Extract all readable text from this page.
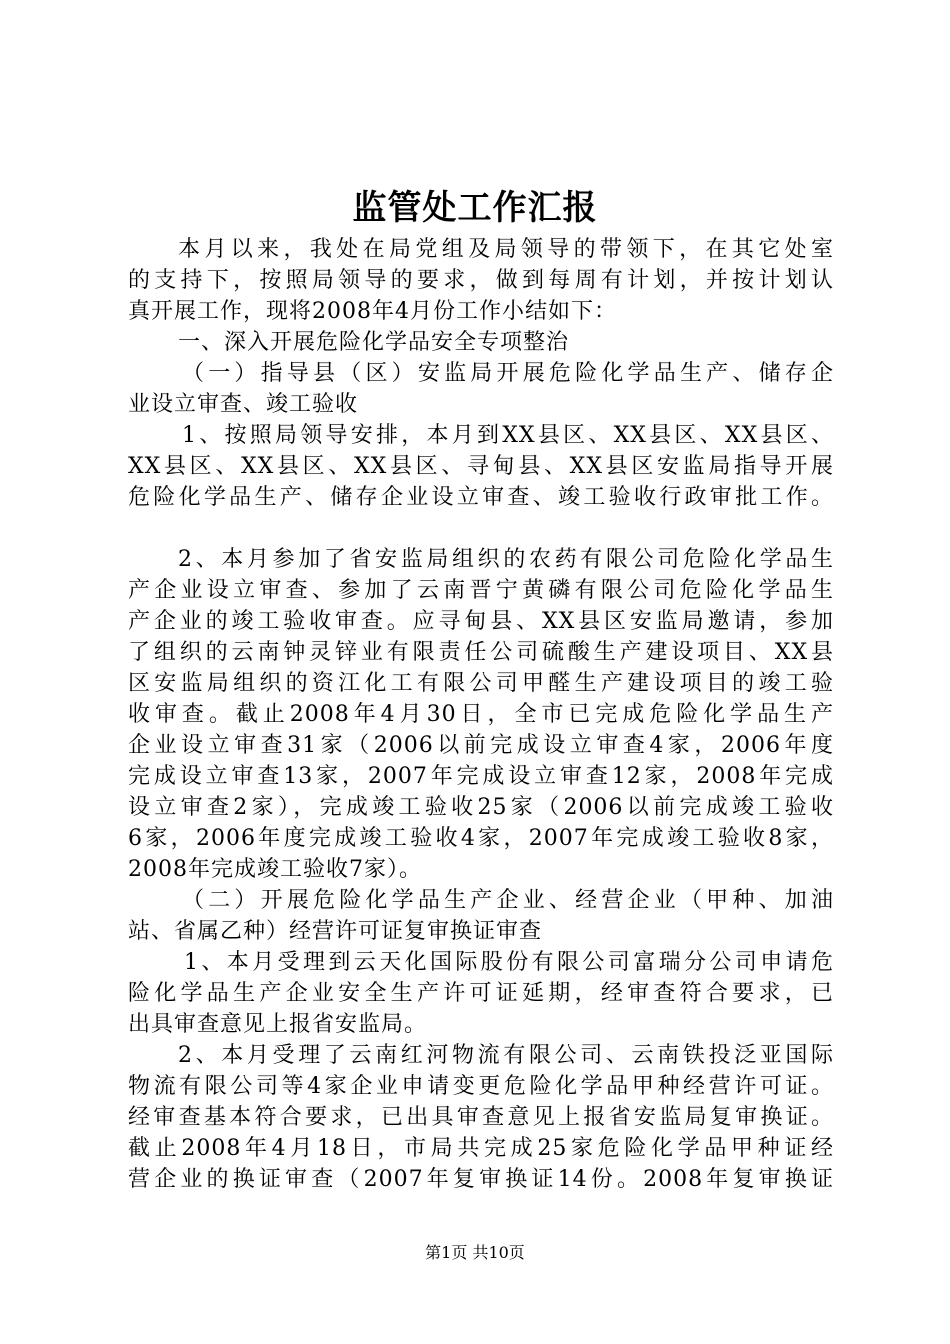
监管处工作汇报
本月以来，我处在局党组及局领导的带领下，在其它处室
的支持下，按照局领导的要求，做到每周有计划，并按计划认
真开展工作，现将2008年4月份工作小结如下：
一、深入开展危险化学品安全专项整治
（一）指导县（区）安监局开展危险化学品生产、储存企
业设立审查、竣工验收
1、按照局领导安排，本月到XX县区、XX县区、XX县区、
XX县区、XX县区、XX县区、寻甸县、XX县区安监局指导开展
危险化学品生产、储存企业设立审查、竣工验收行政审批工作。
2、本月参加了省安监局组织的农药有限公司危险化学品生
产企业设立审查、参加了云南晋宁黄磷有限公司危险化学品生
产企业的竣工验收审查。应寻甸县、XX县区安监局邀请，参加
了组织的云南钟灵锌业有限责任公司硫酸生产建设项目、XX县
区安监局组织的资江化工有限公司甲醛生产建设项目的竣工验
收审查。截止2008年4月30日，全市已完成危险化学品生产
企业设立审查31家（2006以前完成设立审查4家，2006年度
完成设立审查13家，2007年完成设立审查12家，2008年完成
设立审查2家），完成竣工验收25家（2006以前完成竣工验收
6家，2006年度完成竣工验收4家，2007年完成竣工验收8家，
2008年完成竣工验收7家）。
（二）开展危险化学品生产企业、经营企业（甲种、加油
站、省属乙种）经营许可证复审换证审查
1、本月受理到云天化国际股份有限公司富瑞分公司申请危
险化学品生产企业安全生产许可证延期，经审查符合要求，已
出具审查意见上报省安监局。
2、本月受理了云南红河物流有限公司、云南铁投泛亚国际
物流有限公司等4家企业申请变更危险化学品甲种经营许可证。
经审查基本符合要求，已出具审查意见上报省安监局复审换证。
截止2008年4月18日，市局共完成25家危险化学品甲种证经
营企业的换证审查（2007年复审换证14份。2008年复审换证
第1页 共10页
